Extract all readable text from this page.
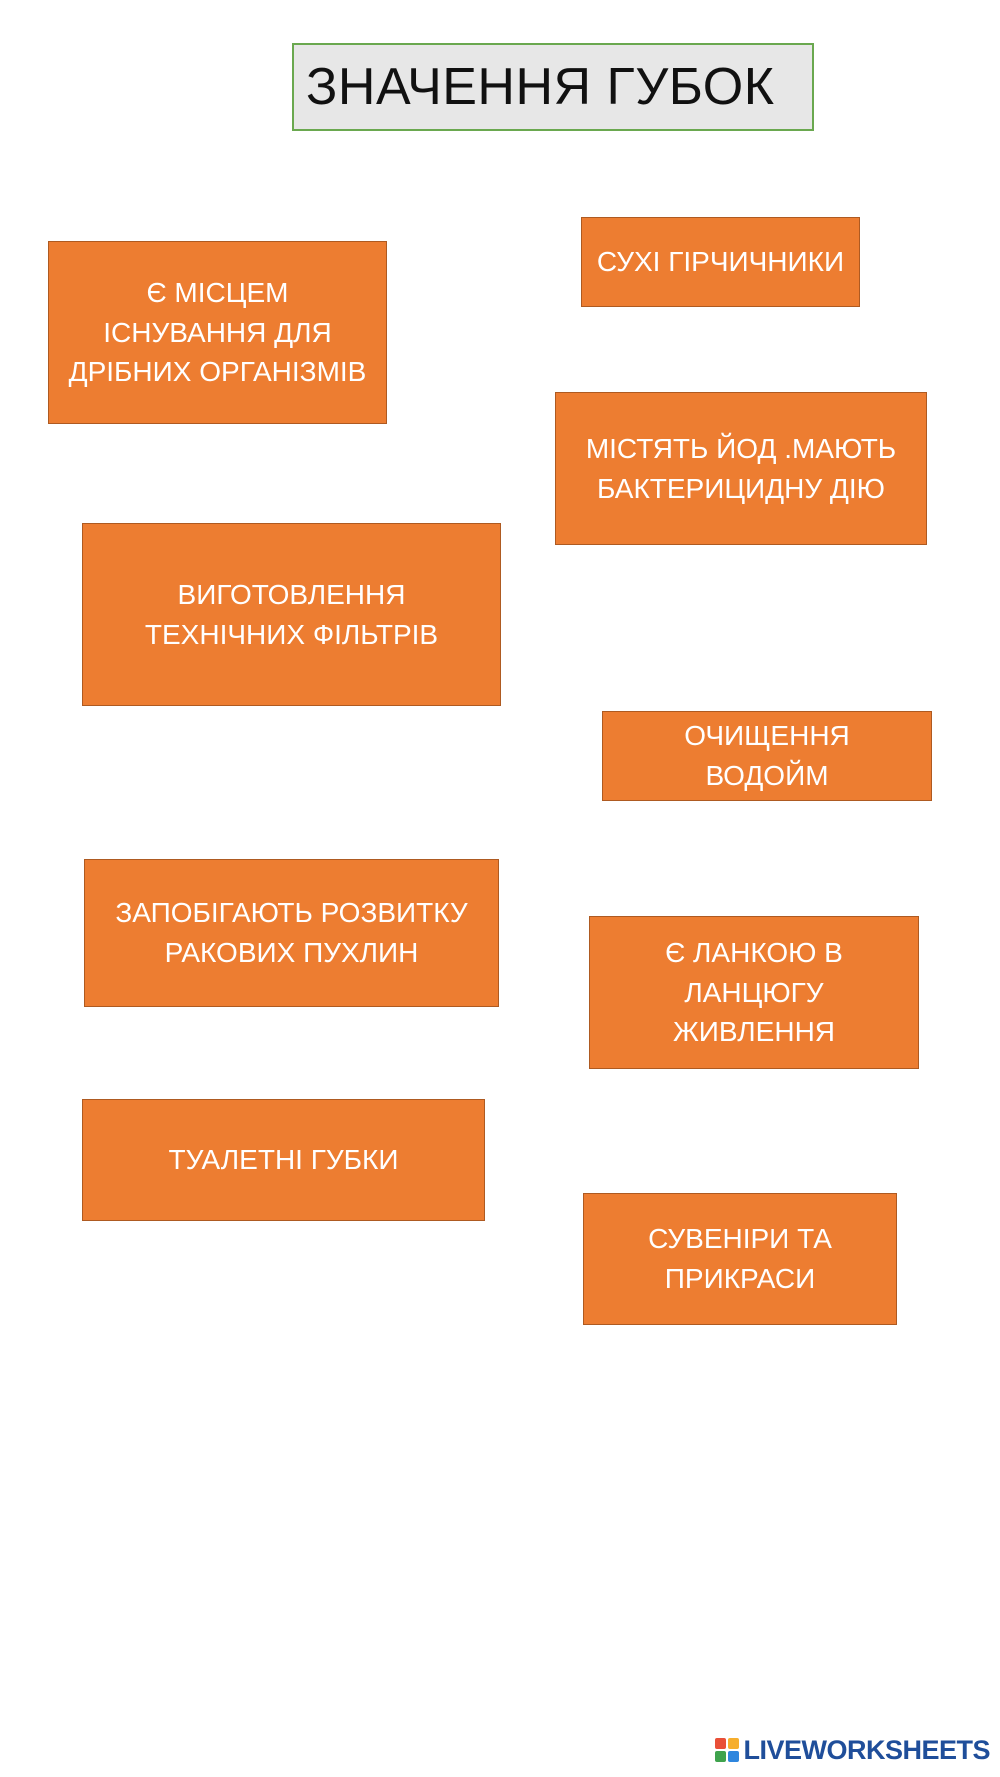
ЗНАЧЕННЯ ГУБОК
Є МІСЦЕМ
ІСНУВАННЯ ДЛЯ
ДРІБНИХ ОРГАНІЗМІВ
СУХІ ГІРЧИЧНИКИ
МІСТЯТЬ ЙОД .МАЮТЬ
БАКТЕРИЦИДНУ ДІЮ
ВИГОТОВЛЕННЯ
ТЕХНІЧНИХ ФІЛЬТРІВ
ОЧИЩЕННЯ
ВОДОЙМ
ЗАПОБІГАЮТЬ РОЗВИТКУ
РАКОВИХ ПУХЛИН	Є ЛАНКОЮ В
ЛАНЦЮГУ
ЖИВЛЕННЯ
ТУАЛЕТНІ ГУБКИ
СУВЕНІРИ ТА
ПРИКРАСИ
LIVEWORKSHEETS
